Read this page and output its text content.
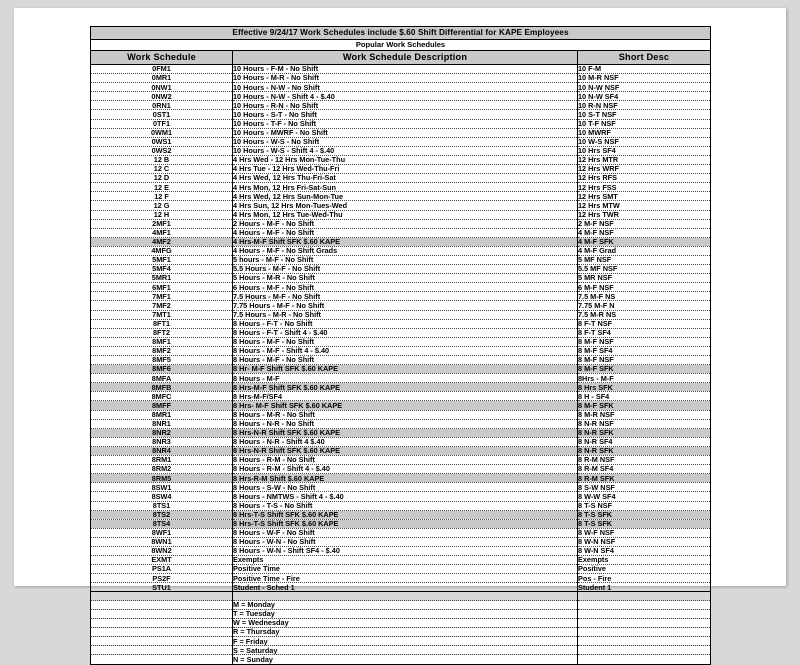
Effective 9/24/17 Work Schedules include $.60 Shift Differential for KAPE Employees		
Popular Work Schedules		
Work Schedule	Work Schedule Description	Short Desc
0FM1	10 Hours - F-M - No Shift	10 F-M
0MR1	10 Hours - M-R - No Shift	10 M-R NSF
0NW1	10 Hours - N-W - No Shift	10 N-W NSF
0NW2	10 Hours - N-W - Shift 4 - $.40	10 N-W SF4
0RN1	10 Hours - R-N - No Shift	10 R-N NSF
0ST1	10 Hours - S-T - No Shift	10 S-T NSF
0TF1	10 Hours - T-F - No Shift	10 T-F NSF
0WM1	10 Hours - MWRF - No Shift	10 MWRF
0WS1	10 Hours - W-S - No Shift	10 W-S NSF
0WS2	10 Hours - W-S - Shift 4 - $.40	10 Hrs SF4
12 B	4 Hrs Wed - 12 Hrs Mon-Tue-Thu	12 Hrs MTR
12 C	4 Hrs Tue - 12 Hrs Wed-Thu-Fri	12 Hrs WRF
12 D	4 Hrs Wed, 12 Hrs Thu-Fri-Sat	12 Hrs RFS
12 E	4 Hrs Mon, 12 Hrs Fri-Sat-Sun	12 Hrs FSS
12 F	4 Hrs Wed, 12 Hrs Sun-Mon-Tue	12 Hrs SMT
12 G	4 Hrs Sun, 12 Hrs Mon-Tues-Wed	12 Hrs MTW
12 H	4 Hrs Mon, 12 Hrs Tue-Wed-Thu	12 Hrs TWR
2MF1	2 Hours - M-F - No Shift	2 M-F NSF
4MF1	4 Hours - M-F - No Shift	4 M-F NSF
4MF2	4 Hrs-M-F Shift SFK $.60 KAPE	4 M-F SFK
4MFG	4 Hours - M-F - No Shift Grads	4 M-F Grad
5MF1	5 hours - M-F - No Shift	5 MF NSF
5MF4	5.5 Hours - M-F - No Shift	5.5 MF NSF
5MR1	5 Hours - M-R - No Shift	5 MR NSF
6MF1	6 Hours - M-F - No Shift	6 M-F NSF
7MF1	7.5 Hours - M-F - No Shift	7.5 M-F NS
7MF2	7.75 Hours - M-F - No Shift	7.75 M-F N
7MT1	7.5 Hours - M-R - No Shift	7.5 M-R NS
8FT1	8 Hours - F-T - No Shift	8 F-T NSF
8FT2	8 Hours - F-T - Shift 4 - $.40	8 F-T SF4
8MF1	8 Hours - M-F - No Shift	8 M-F NSF
8MF2	8 Hours - M-F - Shift 4 - $.40	8 M-F SF4
8MF5	8 Hours - M-F - No Shift	8 M-F NSF
8MF6	8 Hr- M-F Shift SFK $.60 KAPE	8 M-F SFK
8MFA	8 Hours - M-F	8Hrs - M-F
8MFB	8 Hrs-M-F Shift SFK $.60 KAPE	8 Hrs SFK
8MFC	8 Hrs-M-F/SF4	8 H - SF4
8MFF	8 Hrs- M-F Shift SFK $.60 KAPE	8 M-F SFK
8MR1	8 Hours - M-R - No Shift	8 M-R NSF
8NR1	8 Hours - N-R - No Shift	8 N-R NSF
8NR2	8 Hrs-N-R Shift SFK $.60 KAPE	8 N-R SFK
8NR3	8 Hours - N-R - Shift 4 $.40	8 N-R SF4
8NR4	8 Hrs-N-R Shift SFK $.60 KAPE	8 N-R SFK
8RM1	8 Hours - R-M - No Shift	8 R-M NSF
8RM2	8 Hours - R-M - Shift 4 - $.40	8 R-M SF4
8RM5	8 Hrs-R-M Shift $.60 KAPE	8 R-M SFK
8SW1	8 Hours - S-W - No Shift	8 S-W NSF
8SW4	8 Hours - NMTWS - Shift 4 - $.40	8 W-W SF4
8TS1	8 Hours - T-S - No Shift	8 T-S NSF
8TS2	8 Hrs-T-S Shift SFK $.60 KAPE	8 T-S SFK
8TS4	8 Hrs-T-S Shift SFK $.60 KAPE	8 T-S SFK
8WF1	8 Hours - W-F - No Shift	8 W-F NSF
8WN1	8 Hours - W-N - No Shift	8 W-N NSF
8WN2	8 Hours - W-N - Shift SF4 - $.40	8 W-N SF4
EXMT	Exempts	Exempts
PS1A	Positive Time	Positive
PS2F	Positive Time - Fire	Pos - Fire
STU1	Student - Sched 1	Student 1

	M = Monday	
	T = Tuesday	
	W = Wednesday	
	R = Thursday	
	F = Friday	
	S = Saturday	
	N = Sunday	
